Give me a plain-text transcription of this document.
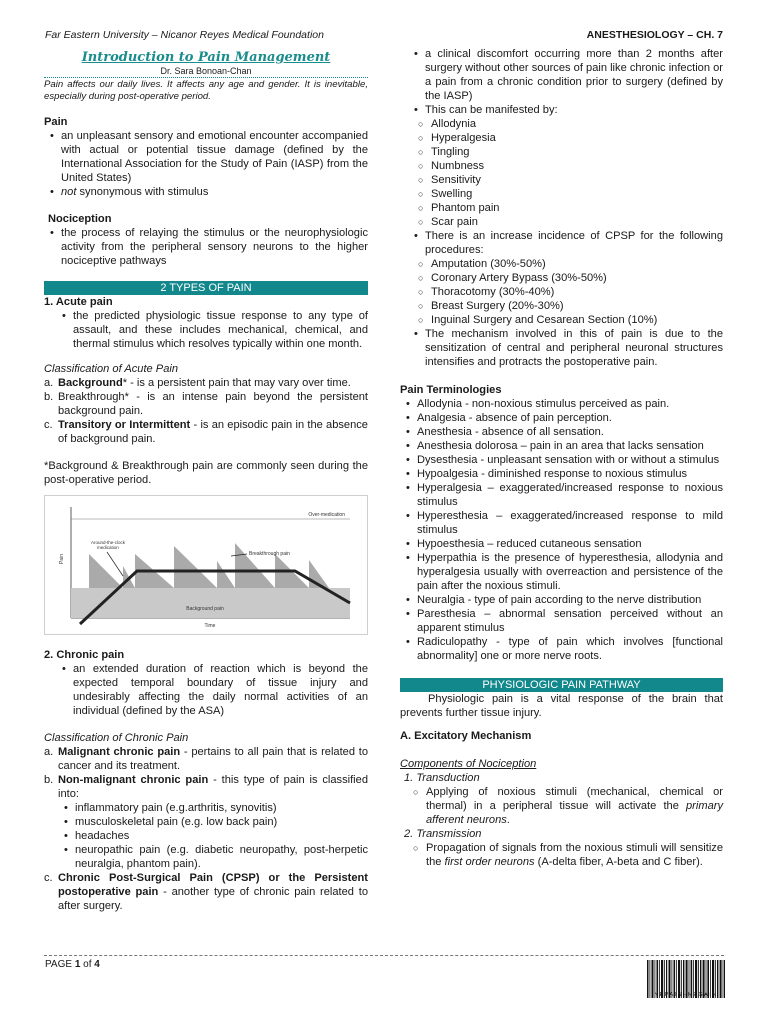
Far Eastern University – Nicanor Reyes Medical Foundation	ANESTHESIOLOGY – CH. 7
Introduction to Pain Management
Dr. Sara Bonoan-Chan
Pain affects our daily lives. It affects any age and gender. It is inevitable, especially during post-operative period.
Pain
• an unpleasant sensory and emotional encounter accompanied with actual or potential tissue damage (defined by the International Association for the Study of Pain (IASP) from the United States)
• not synonymous with stimulus
Nociception
• the process of relaying the stimulus or the neurophysiologic activity from the peripheral sensory neurons to the higher nociceptive pathways
2 TYPES OF PAIN
1. Acute pain
• the predicted physiologic tissue response to any type of assault, and these includes mechanical, chemical, and thermal stimulus which resolves typically within one month.
Classification of Acute Pain
a. Background* - is a persistent pain that may vary over time.
b. Breakthrough* - is an intense pain beyond the persistent background pain.
c. Transitory or Intermittent - is an episodic pain in the absence of background pain.
*Background & Breakthrough pain are commonly seen during the post-operative period.
Over-medication
Around-the-clock
medication
Breakthrough pain
Background pain
Time
Pain
2. Chronic pain
• an extended duration of reaction which is beyond the expected temporal boundary of tissue injury and undesirably affecting the daily normal activities of an individual (defined by the ASA)
Classification of Chronic Pain
a. Malignant chronic pain - pertains to all pain that is related to cancer and its treatment.
b. Non-malignant chronic pain - this type of pain is classified into:
• inflammatory pain (e.g.arthritis, synovitis)
• musculoskeletal pain (e.g. low back pain)
• headaches
• neuropathic pain (e.g. diabetic neuropathy, post-herpetic neuralgia, phantom pain).
c. Chronic Post-Surgical Pain (CPSP) or the Persistent postoperative pain - another type of chronic pain related to after surgery.
• a clinical discomfort occurring more than 2 months after surgery without other sources of pain like chronic infection or a pain from a chronic condition prior to surgery (defined by the IASP)
• This can be manifested by:
○ Allodynia
○ Hyperalgesia
○ Tingling
○ Numbness
○ Sensitivity
○ Swelling
○ Phantom pain
○ Scar pain
• There is an increase incidence of CPSP for the following procedures:
○ Amputation (30%-50%)
○ Coronary Artery Bypass (30%-50%)
○ Thoracotomy (30%-40%)
○ Breast Surgery (20%-30%)
○ Inguinal Surgery and Cesarean Section (10%)
• The mechanism involved in this of pain is due to the sensitization of central and peripheral neuronal structures intensifies and protracts the postoperative pain.
Pain Terminologies
• Allodynia - non-noxious stimulus perceived as pain.
• Analgesia - absence of pain perception.
• Anesthesia - absence of all sensation.
• Anesthesia dolorosa – pain in an area that lacks sensation
• Dysesthesia - unpleasant sensation with or without a stimulus
• Hypoalgesia - diminished response to noxious stimulus
• Hyperalgesia – exaggerated/increased response to noxious stimulus
• Hyperesthesia – exaggerated/increased response to mild stimulus
• Hypoesthesia – reduced cutaneous sensation
• Hyperpathia is the presence of hyperesthesia, allodynia and hyperalgesia usually with overreaction and persistence of the pain after the noxious stimuli.
• Neuralgia - type of pain according to the nerve distribution
• Paresthesia – abnormal sensation perceived without an apparent stimulus
• Radiculopathy - type of pain which involves [functional abnormality] one or more nerve roots.
PHYSIOLOGIC PAIN PATHWAY
Physiologic pain is a vital response of the brain that prevents further tissue injury.
A. Excitatory Mechanism
Components of Nociception
1. Transduction
○ Applying of noxious stimuli (mechanical, chemical or thermal) in a peripheral tissue will activate the primary afferent neurons.
2. Transmission
○ Propagation of signals from the noxious stimuli will sensitize the first order neurons (A-delta fiber, A-beta and C fiber).
PAGE 1 of 4
NEPAIN–NEGAIN
